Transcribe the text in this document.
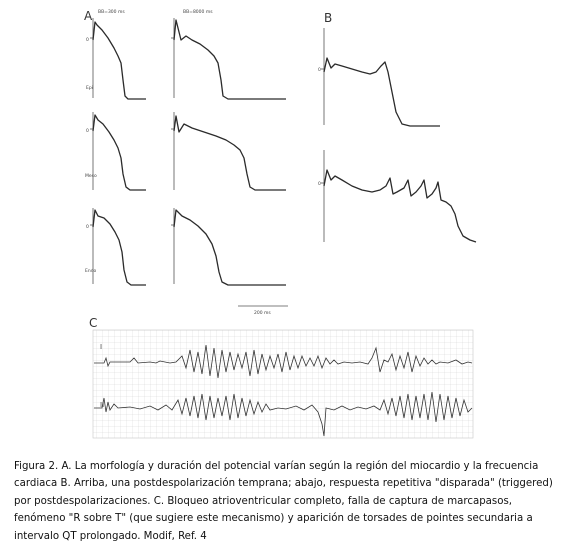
A	B
C
BB=300 ms	BB=8000 ms
Epi
Meso
Endo
0
0
0
0
0
200 ms
I
II

Figura 2. A. La morfología y duración del potencial varían según la región del miocardio y la frecuencia cardiaca B. Arriba, una postdespolarización temprana; abajo, respuesta repetitiva "disparada" (triggered) por postdespolarizaciones. C. Bloqueo atrioventricular completo, falla de captura de marcapasos, fenómeno "R sobre T" (que sugiere este mecanismo) y aparición de torsades de pointes secundaria a intervalo QT prolongado. Modif, Ref. 4
